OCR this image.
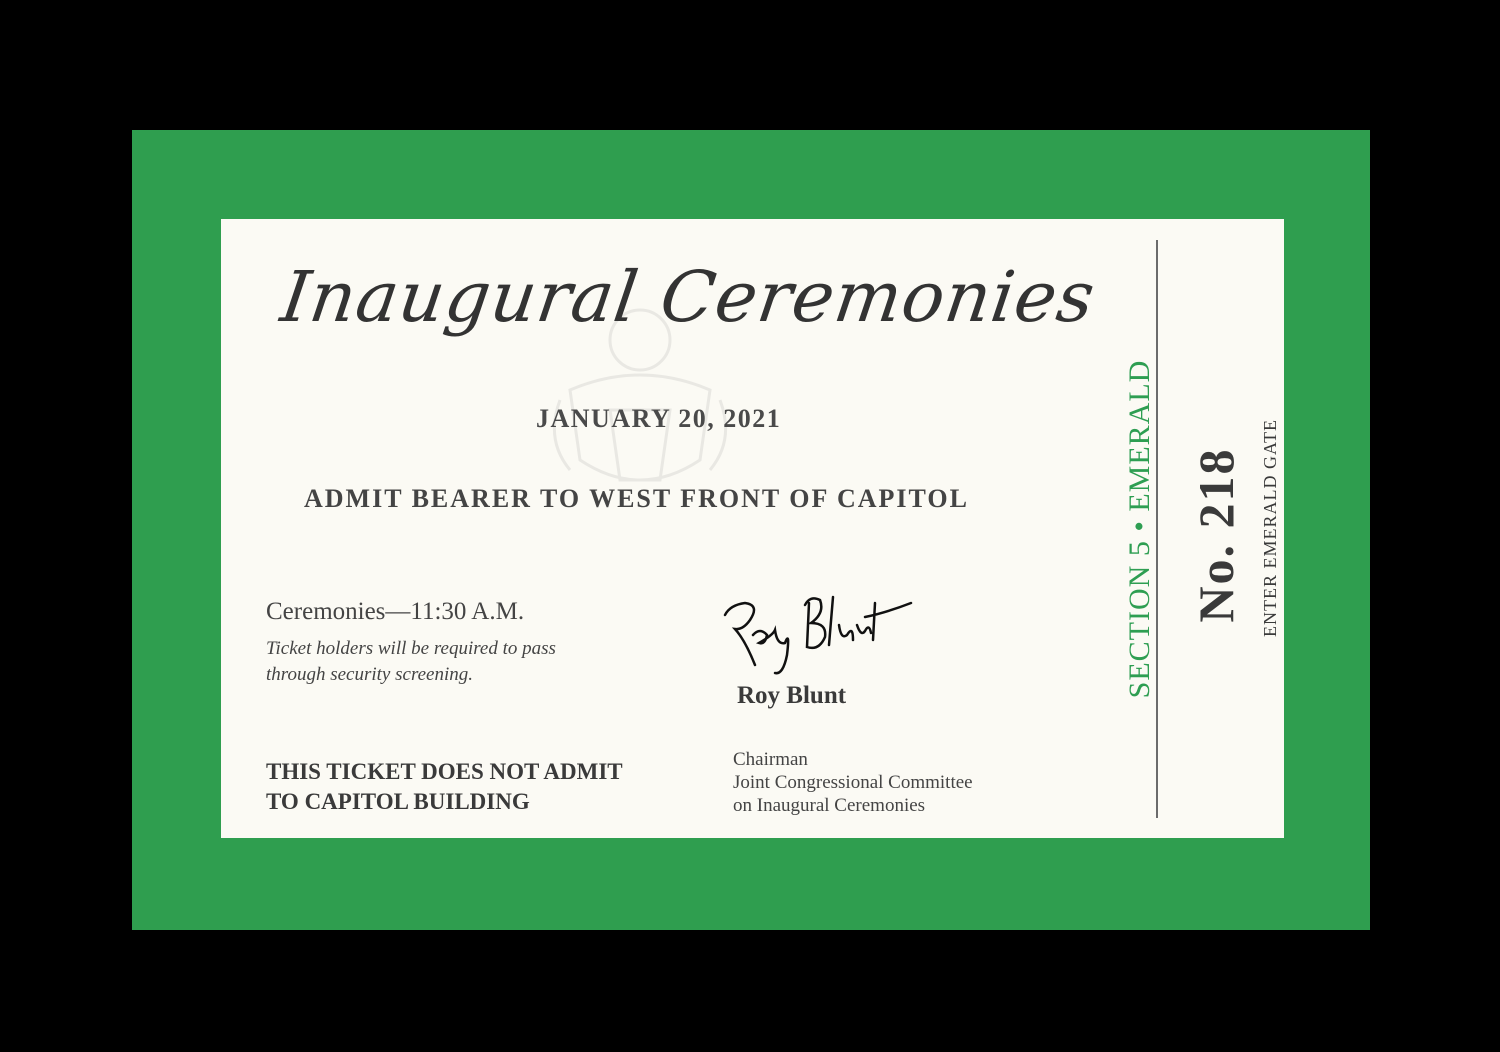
Inaugural Ceremonies
JANUARY 20, 2021
ADMIT BEARER TO WEST FRONT OF CAPITOL
Ceremonies—11:30 A.M.
Ticket holders will be required to pass through security screening.
THIS TICKET DOES NOT ADMIT
TO CAPITOL BUILDING
Roy Blunt
Chairman
Joint Congressional Committee
on Inaugural Ceremonies
SECTION 5 • EMERALD No. 218 ENTER EMERALD GATE
